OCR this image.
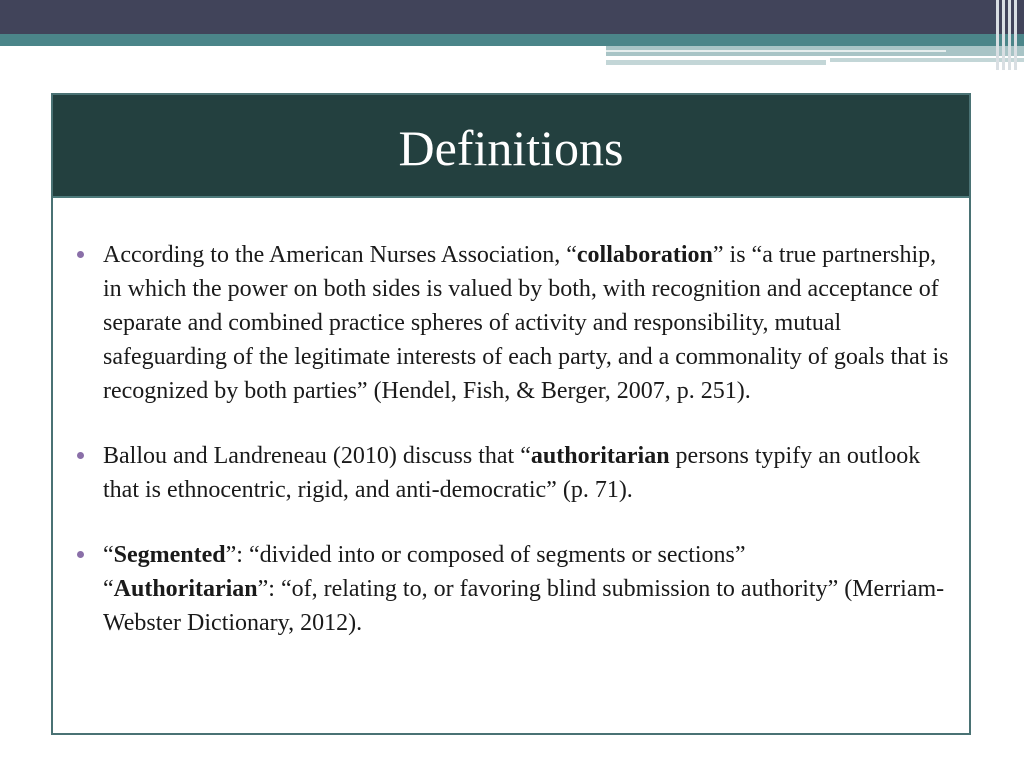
Definitions
According to the American Nurses Association, “collaboration” is “a true partnership, in which the power on both sides is valued by both, with recognition and acceptance of separate and combined practice spheres of activity and responsibility, mutual safeguarding of the legitimate interests of each party, and a commonality of goals that is recognized by both parties” (Hendel, Fish, & Berger, 2007, p. 251).
Ballou and Landreneau (2010) discuss that “authoritarian persons typify an outlook that is ethnocentric, rigid, and anti-democratic” (p. 71).
“Segmented”: “divided into or composed of segments or sections”
“Authoritarian”: “of, relating to, or favoring blind submission to authority” (Merriam-Webster Dictionary, 2012).
